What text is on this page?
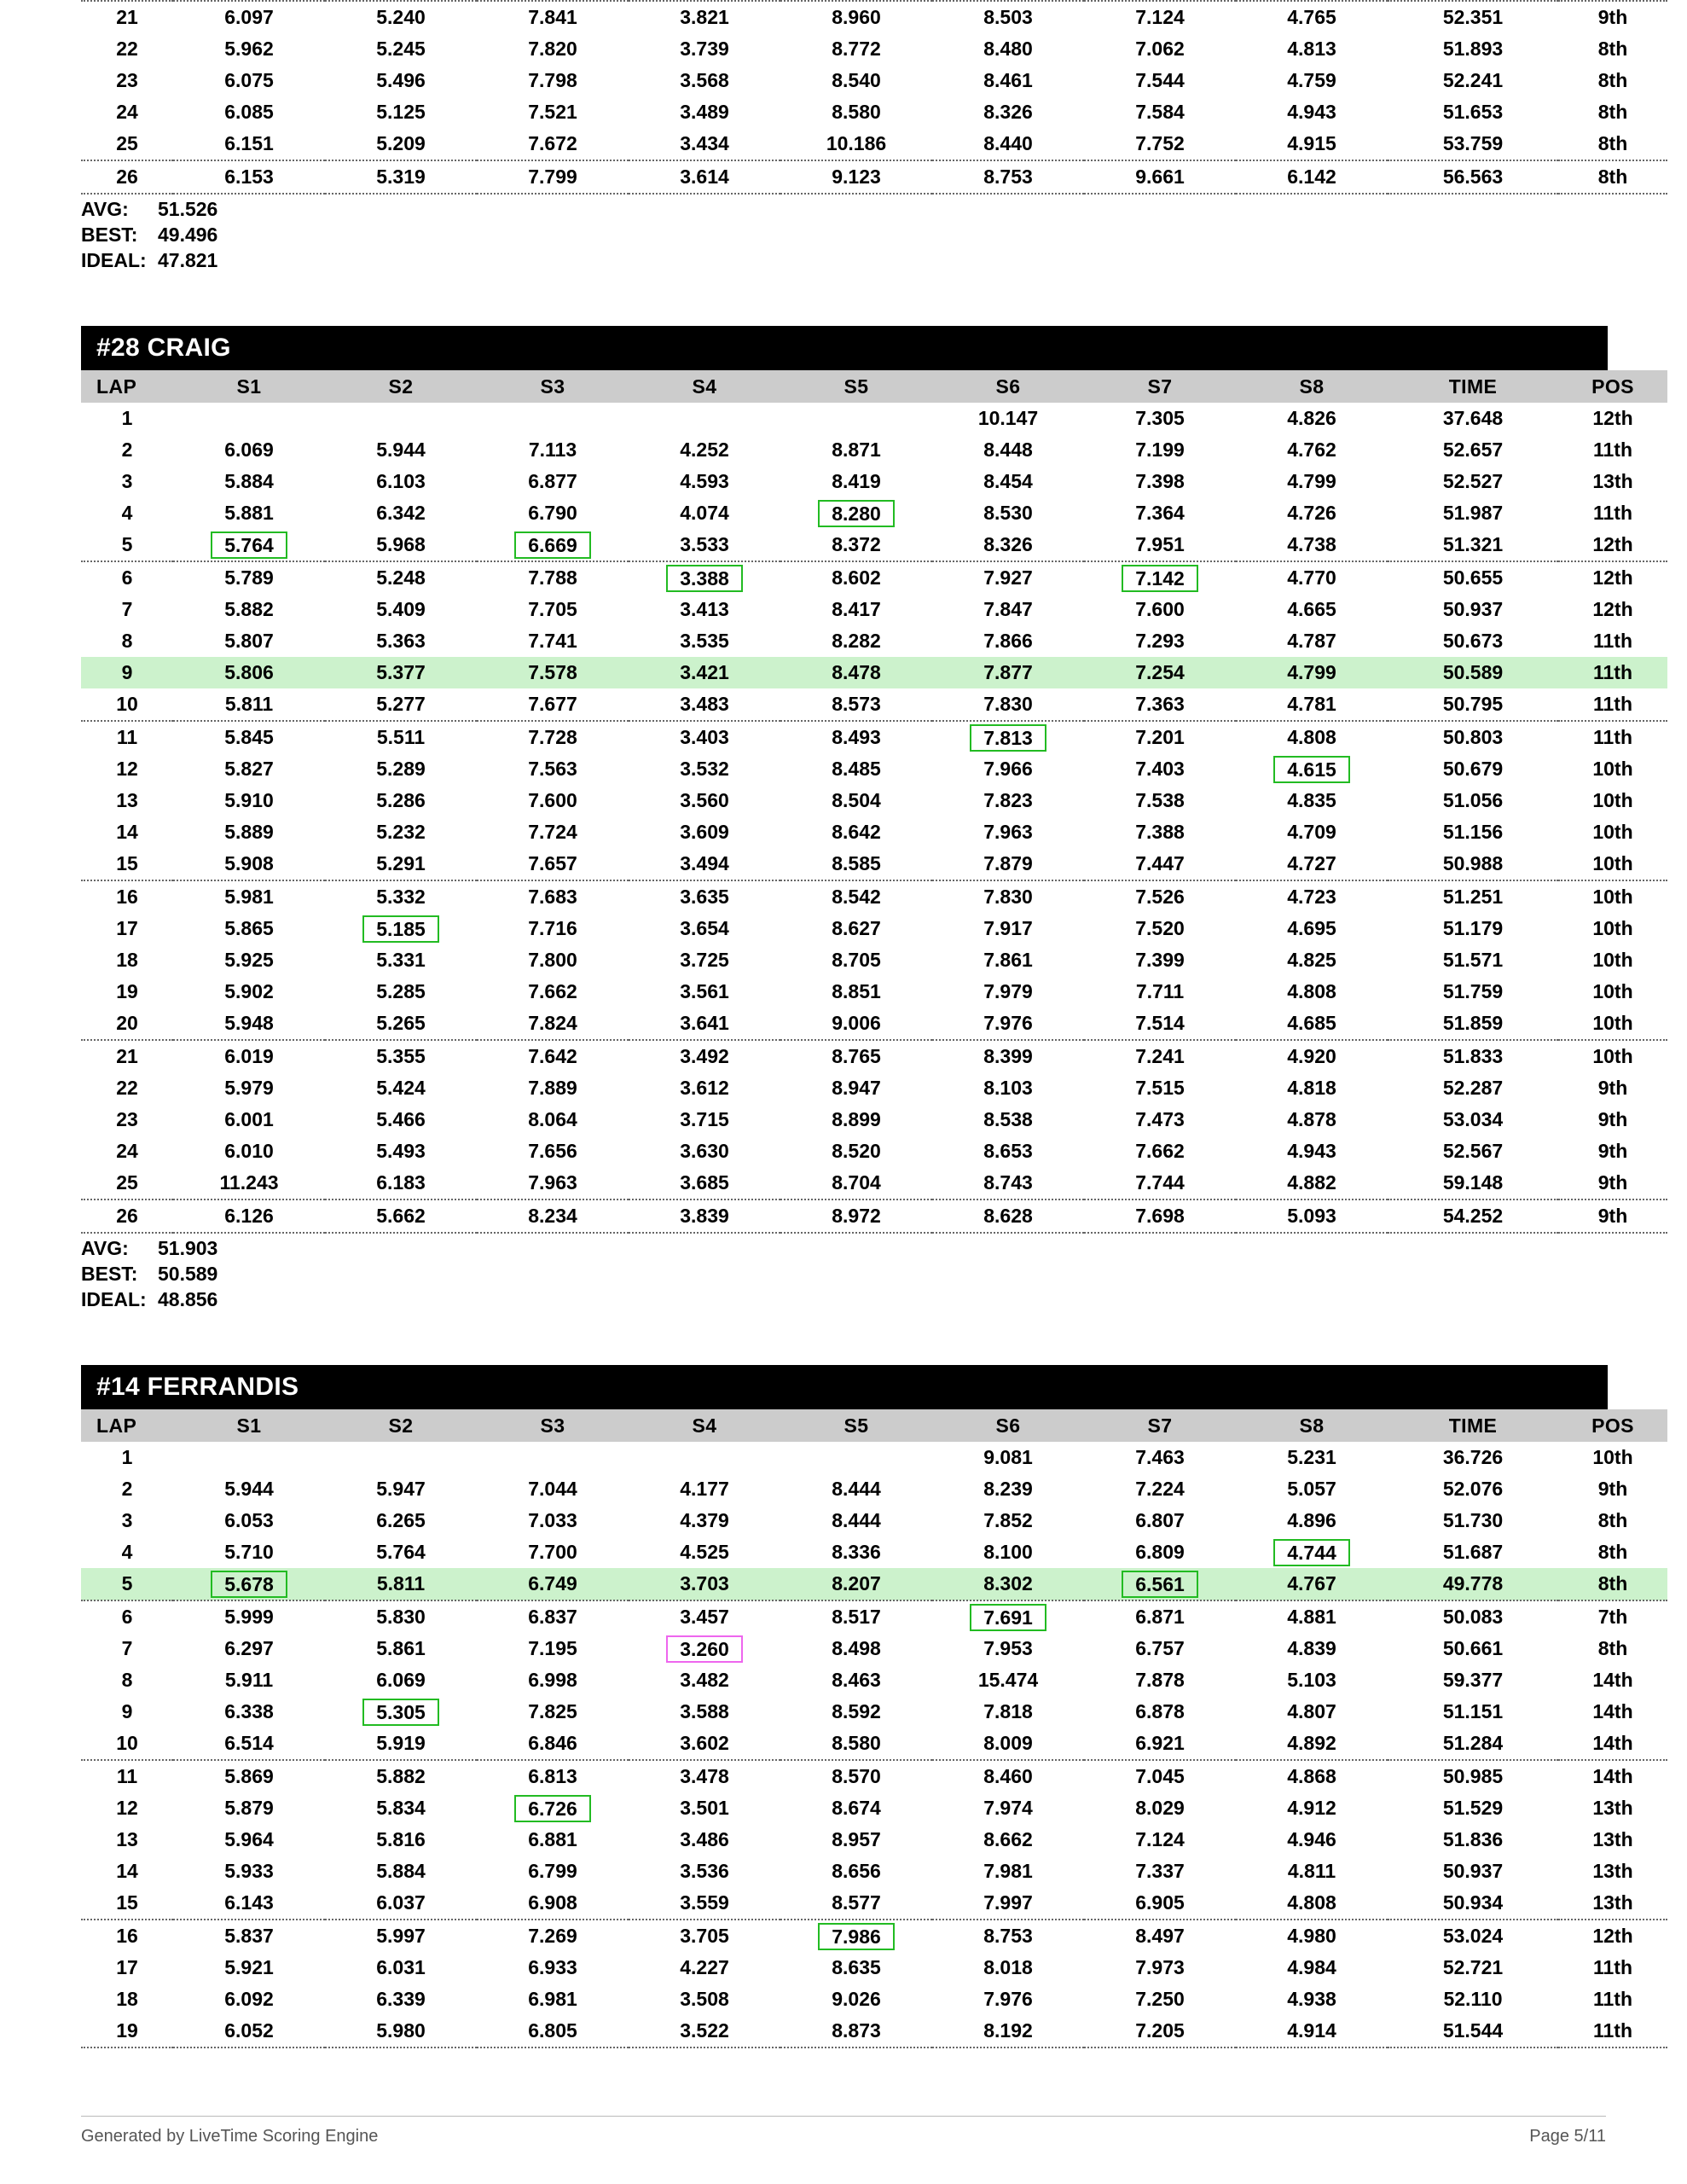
21	6.097	5.240	7.841	3.821	8.960	8.503	7.124	4.765	52.351	9th
22	5.962	5.245	7.820	3.739	8.772	8.480	7.062	4.813	51.893	8th
23	6.075	5.496	7.798	3.568	8.540	8.461	7.544	4.759	52.241	8th
24	6.085	5.125	7.521	3.489	8.580	8.326	7.584	4.943	51.653	8th
25	6.151	5.209	7.672	3.434	10.186	8.440	7.752	4.915	53.759	8th
26	6.153	5.319	7.799	3.614	9.123	8.753	9.661	6.142	56.563	8th
AVG: 51.526
BEST: 49.496
IDEAL: 47.821
#28 CRAIG
LAP	S1	S2	S3	S4	S5	S6	S7	S8	TIME	POS
1						10.147	7.305	4.826	37.648	12th
2	6.069	5.944	7.113	4.252	8.871	8.448	7.199	4.762	52.657	11th
3	5.884	6.103	6.877	4.593	8.419	8.454	7.398	4.799	52.527	13th
4	5.881	6.342	6.790	4.074	8.280	8.530	7.364	4.726	51.987	11th
5	5.764	5.968	6.669	3.533	8.372	8.326	7.951	4.738	51.321	12th
6	5.789	5.248	7.788	3.388	8.602	7.927	7.142	4.770	50.655	12th
7	5.882	5.409	7.705	3.413	8.417	7.847	7.600	4.665	50.937	12th
8	5.807	5.363	7.741	3.535	8.282	7.866	7.293	4.787	50.673	11th
9	5.806	5.377	7.578	3.421	8.478	7.877	7.254	4.799	50.589	11th
10	5.811	5.277	7.677	3.483	8.573	7.830	7.363	4.781	50.795	11th
11	5.845	5.511	7.728	3.403	8.493	7.813	7.201	4.808	50.803	11th
12	5.827	5.289	7.563	3.532	8.485	7.966	7.403	4.615	50.679	10th
13	5.910	5.286	7.600	3.560	8.504	7.823	7.538	4.835	51.056	10th
14	5.889	5.232	7.724	3.609	8.642	7.963	7.388	4.709	51.156	10th
15	5.908	5.291	7.657	3.494	8.585	7.879	7.447	4.727	50.988	10th
16	5.981	5.332	7.683	3.635	8.542	7.830	7.526	4.723	51.251	10th
17	5.865	5.185	7.716	3.654	8.627	7.917	7.520	4.695	51.179	10th
18	5.925	5.331	7.800	3.725	8.705	7.861	7.399	4.825	51.571	10th
19	5.902	5.285	7.662	3.561	8.851	7.979	7.711	4.808	51.759	10th
20	5.948	5.265	7.824	3.641	9.006	7.976	7.514	4.685	51.859	10th
21	6.019	5.355	7.642	3.492	8.765	8.399	7.241	4.920	51.833	10th
22	5.979	5.424	7.889	3.612	8.947	8.103	7.515	4.818	52.287	9th
23	6.001	5.466	8.064	3.715	8.899	8.538	7.473	4.878	53.034	9th
24	6.010	5.493	7.656	3.630	8.520	8.653	7.662	4.943	52.567	9th
25	11.243	6.183	7.963	3.685	8.704	8.743	7.744	4.882	59.148	9th
26	6.126	5.662	8.234	3.839	8.972	8.628	7.698	5.093	54.252	9th
AVG: 51.903
BEST: 50.589
IDEAL: 48.856
#14 FERRANDIS
LAP	S1	S2	S3	S4	S5	S6	S7	S8	TIME	POS
1						9.081	7.463	5.231	36.726	10th
2	5.944	5.947	7.044	4.177	8.444	8.239	7.224	5.057	52.076	9th
3	6.053	6.265	7.033	4.379	8.444	7.852	6.807	4.896	51.730	8th
4	5.710	5.764	7.700	4.525	8.336	8.100	6.809	4.744	51.687	8th
5	5.678	5.811	6.749	3.703	8.207	8.302	6.561	4.767	49.778	8th
6	5.999	5.830	6.837	3.457	8.517	7.691	6.871	4.881	50.083	7th
7	6.297	5.861	7.195	3.260	8.498	7.953	6.757	4.839	50.661	8th
8	5.911	6.069	6.998	3.482	8.463	15.474	7.878	5.103	59.377	14th
9	6.338	5.305	7.825	3.588	8.592	7.818	6.878	4.807	51.151	14th
10	6.514	5.919	6.846	3.602	8.580	8.009	6.921	4.892	51.284	14th
11	5.869	5.882	6.813	3.478	8.570	8.460	7.045	4.868	50.985	14th
12	5.879	5.834	6.726	3.501	8.674	7.974	8.029	4.912	51.529	13th
13	5.964	5.816	6.881	3.486	8.957	8.662	7.124	4.946	51.836	13th
14	5.933	5.884	6.799	3.536	8.656	7.981	7.337	4.811	50.937	13th
15	6.143	6.037	6.908	3.559	8.577	7.997	6.905	4.808	50.934	13th
16	5.837	5.997	7.269	3.705	7.986	8.753	8.497	4.980	53.024	12th
17	5.921	6.031	6.933	4.227	8.635	8.018	7.973	4.984	52.721	11th
18	6.092	6.339	6.981	3.508	9.026	7.976	7.250	4.938	52.110	11th
19	6.052	5.980	6.805	3.522	8.873	8.192	7.205	4.914	51.544	11th
Generated by LiveTime Scoring Engine	Page 5/11
